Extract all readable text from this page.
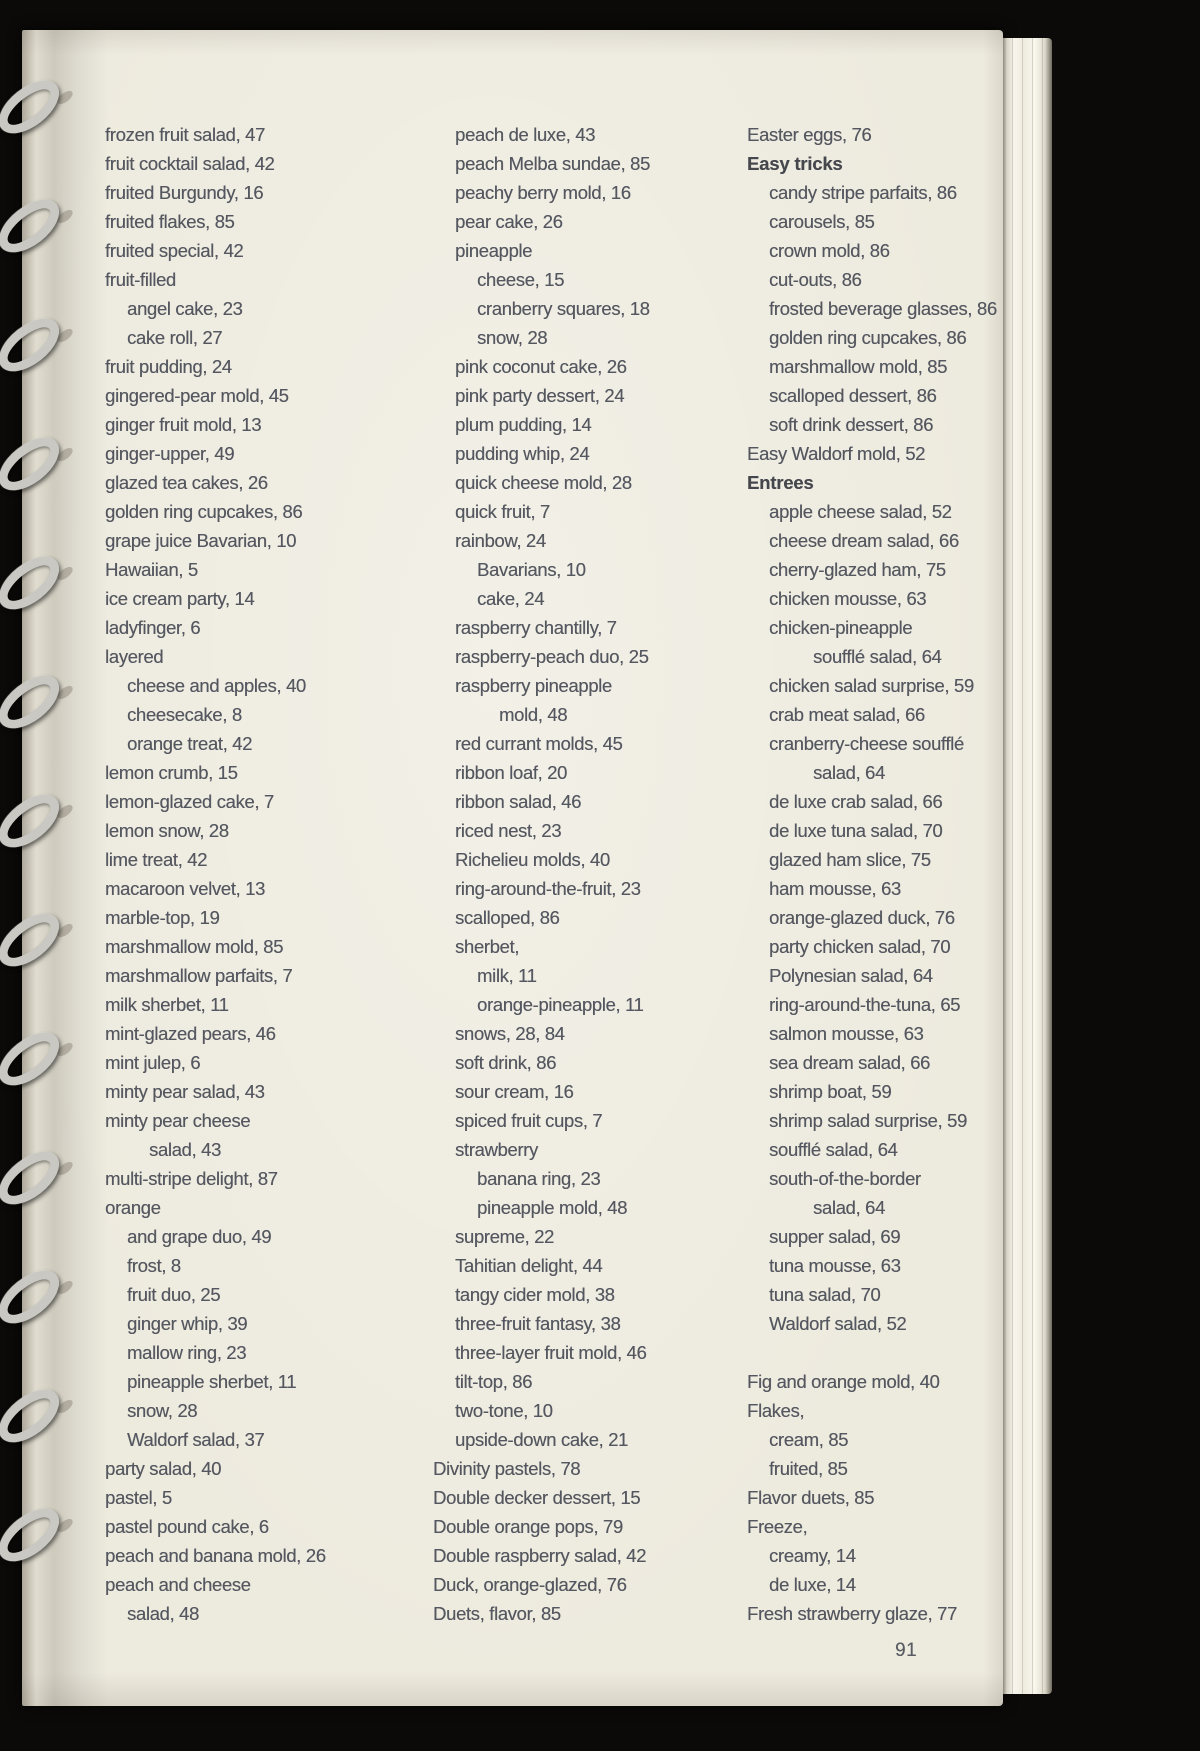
frozen fruit salad, 47
fruit cocktail salad, 42
fruited Burgundy, 16
fruited flakes, 85
fruited special, 42
fruit-filled
angel cake, 23
cake roll, 27
fruit pudding, 24
gingered-pear mold, 45
ginger fruit mold, 13
ginger-upper, 49
glazed tea cakes, 26
golden ring cupcakes, 86
grape juice Bavarian, 10
Hawaiian, 5
ice cream party, 14
ladyfinger, 6
layered
cheese and apples, 40
cheesecake, 8
orange treat, 42
lemon crumb, 15
lemon-glazed cake, 7
lemon snow, 28
lime treat, 42
macaroon velvet, 13
marble-top, 19
marshmallow mold, 85
marshmallow parfaits, 7
milk sherbet, 11
mint-glazed pears, 46
mint julep, 6
minty pear salad, 43
minty pear cheese
salad, 43
multi-stripe delight, 87
orange
and grape duo, 49
frost, 8
fruit duo, 25
ginger whip, 39
mallow ring, 23
pineapple sherbet, 11
snow, 28
Waldorf salad, 37
party salad, 40
pastel, 5
pastel pound cake, 6
peach and banana mold, 26
peach and cheese
salad, 48
peach de luxe, 43
peach Melba sundae, 85
peachy berry mold, 16
pear cake, 26
pineapple
cheese, 15
cranberry squares, 18
snow, 28
pink coconut cake, 26
pink party dessert, 24
plum pudding, 14
pudding whip, 24
quick cheese mold, 28
quick fruit, 7
rainbow, 24
Bavarians, 10
cake, 24
raspberry chantilly, 7
raspberry-peach duo, 25
raspberry pineapple
mold, 48
red currant molds, 45
ribbon loaf, 20
ribbon salad, 46
riced nest, 23
Richelieu molds, 40
ring-around-the-fruit, 23
scalloped, 86
sherbet,
milk, 11
orange-pineapple, 11
snows, 28, 84
soft drink, 86
sour cream, 16
spiced fruit cups, 7
strawberry
banana ring, 23
pineapple mold, 48
supreme, 22
Tahitian delight, 44
tangy cider mold, 38
three-fruit fantasy, 38
three-layer fruit mold, 46
tilt-top, 86
two-tone, 10
upside-down cake, 21
Divinity pastels, 78
Double decker dessert, 15
Double orange pops, 79
Double raspberry salad, 42
Duck, orange-glazed, 76
Duets, flavor, 85
Easter eggs, 76
Easy tricks
candy stripe parfaits, 86
carousels, 85
crown mold, 86
cut-outs, 86
frosted beverage glasses, 86
golden ring cupcakes, 86
marshmallow mold, 85
scalloped dessert, 86
soft drink dessert, 86
Easy Waldorf mold, 52
Entrees
apple cheese salad, 52
cheese dream salad, 66
cherry-glazed ham, 75
chicken mousse, 63
chicken-pineapple
soufflé salad, 64
chicken salad surprise, 59
crab meat salad, 66
cranberry-cheese soufflé
salad, 64
de luxe crab salad, 66
de luxe tuna salad, 70
glazed ham slice, 75
ham mousse, 63
orange-glazed duck, 76
party chicken salad, 70
Polynesian salad, 64
ring-around-the-tuna, 65
salmon mousse, 63
sea dream salad, 66
shrimp boat, 59
shrimp salad surprise, 59
soufflé salad, 64
south-of-the-border
salad, 64
supper salad, 69
tuna mousse, 63
tuna salad, 70
Waldorf salad, 52

Fig and orange mold, 40
Flakes,
cream, 85
fruited, 85
Flavor duets, 85
Freeze,
creamy, 14
de luxe, 14
Fresh strawberry glaze, 77
91
